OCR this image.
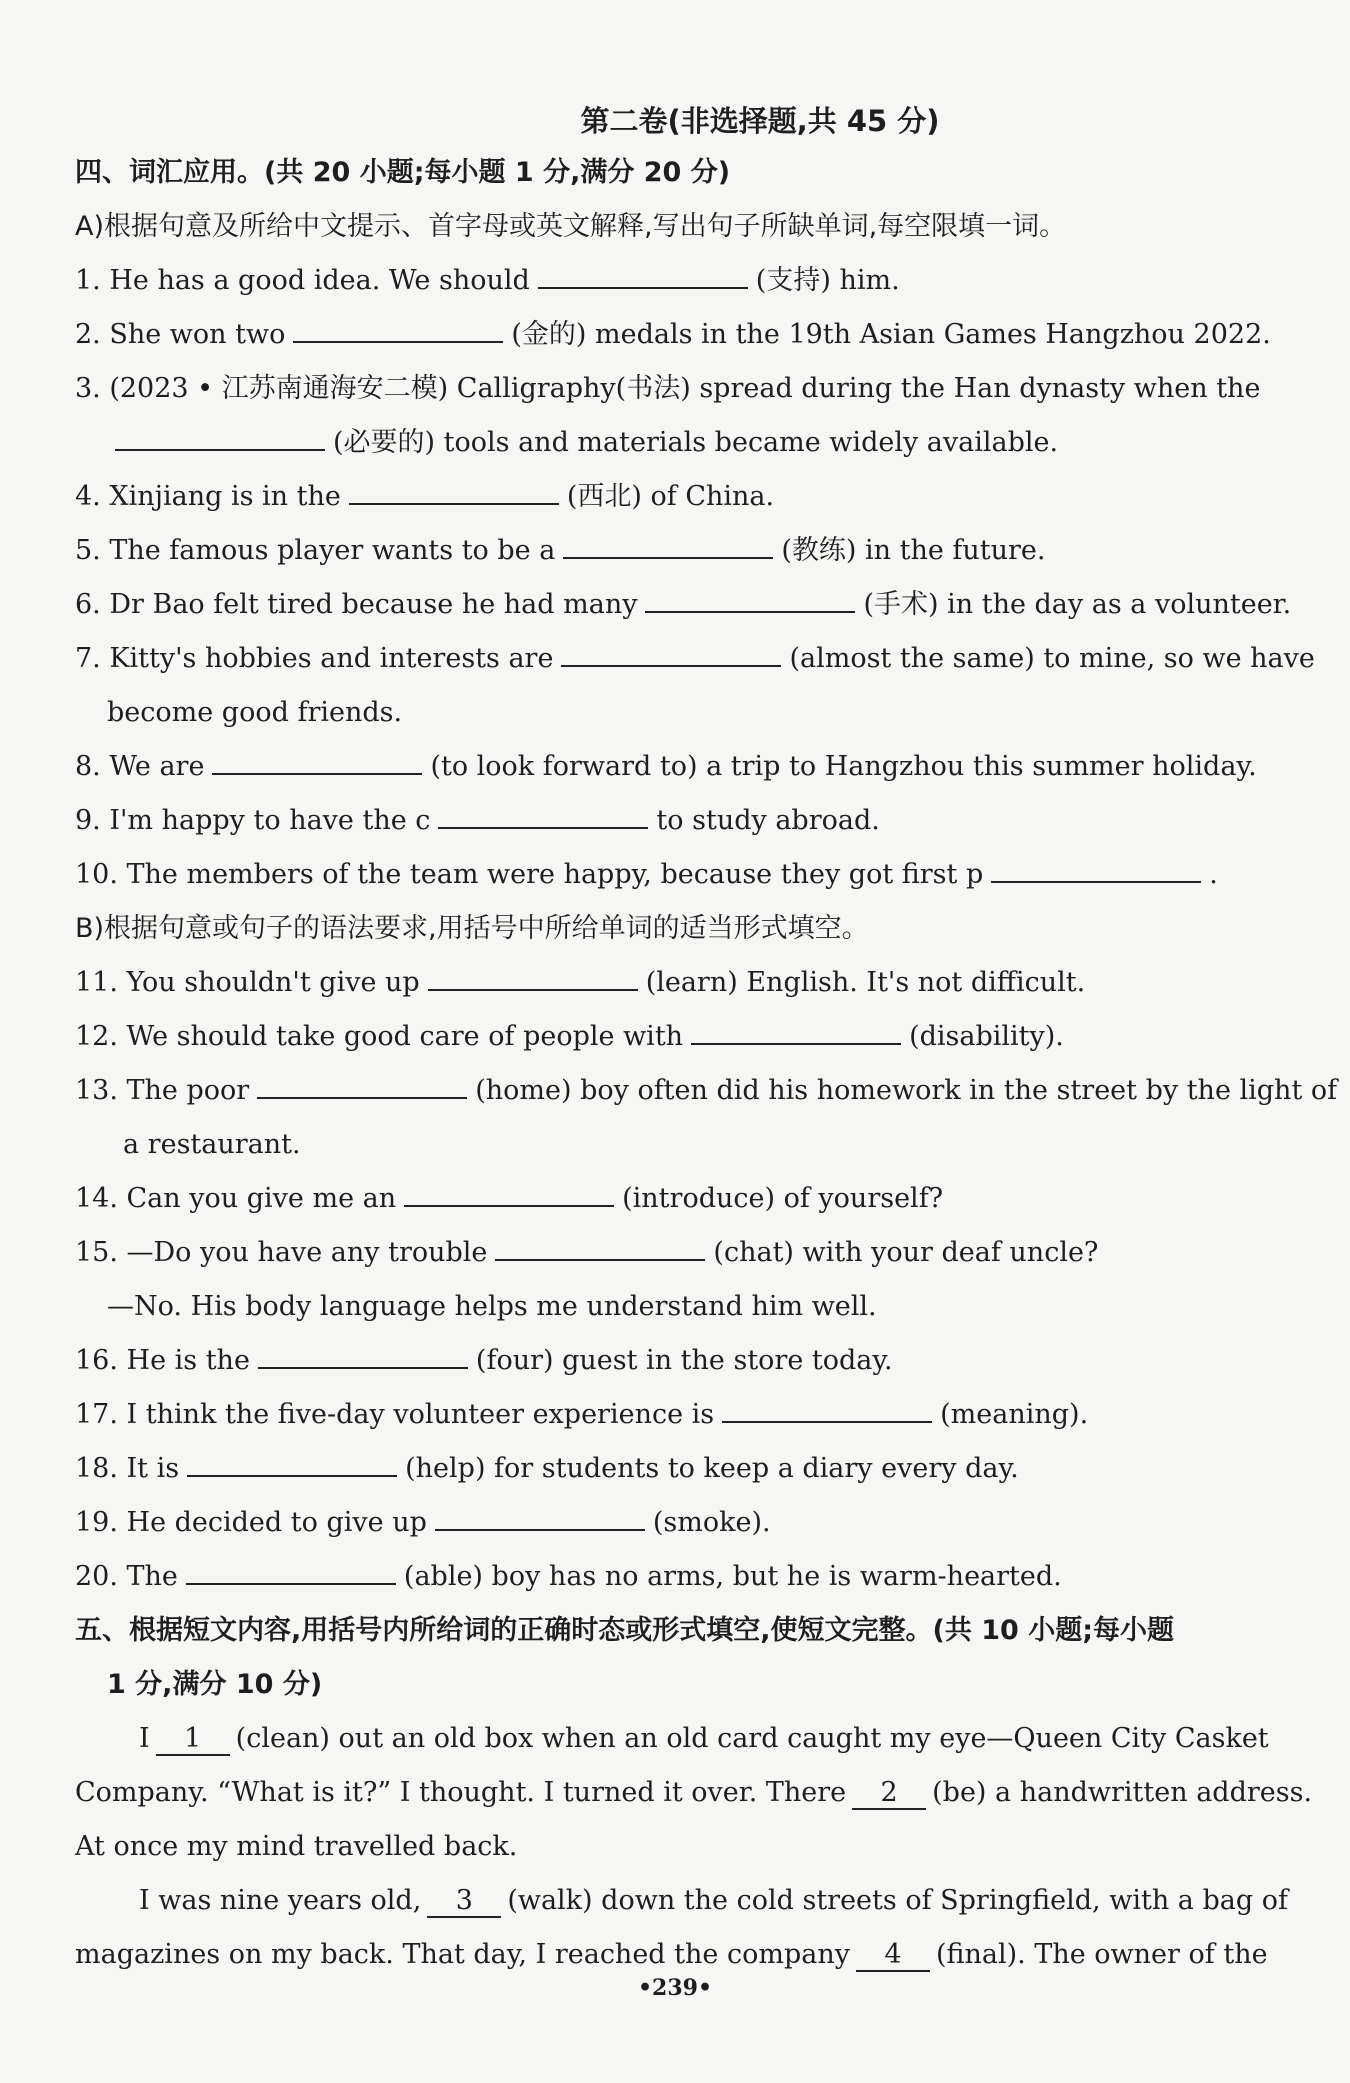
第二卷(非选择题,共 45 分)
四、词汇应用。(共 20 小题;每小题 1 分,满分 20 分)
A)根据句意及所给中文提示、首字母或英文解释,写出句子所缺单词,每空限填一词。
1. He has a good idea. We should	(支持) him.
2. She won two	(金的) medals in the 19th Asian Games Hangzhou 2022.
3. (2023 • 江苏南通海安二模) Calligraphy(书法) spread during the Han dynasty when the
(必要的) tools and materials became widely available.
4. Xinjiang is in the	(西北) of China.
5. The famous player wants to be a	(教练) in the future.
6. Dr Bao felt tired because he had many	(手术) in the day as a volunteer.
7. Kitty's hobbies and interests are	(almost the same) to mine, so we have
become good friends.
8. We are	(to look forward to) a trip to Hangzhou this summer holiday.
9. I'm happy to have the c	to study abroad.
10. The members of the team were happy, because they got first p	.
B)根据句意或句子的语法要求,用括号中所给单词的适当形式填空。
11. You shouldn't give up	(learn) English. It's not difficult.
12. We should take good care of people with	(disability).
13. The poor	(home) boy often did his homework in the street by the light of
a restaurant.
14. Can you give me an	(introduce) of yourself?
15. —Do you have any trouble	(chat) with your deaf uncle?
—No. His body language helps me understand him well.
16. He is the	(four) guest in the store today.
17. I think the five-day volunteer experience is	(meaning).
18. It is	(help) for students to keep a diary every day.
19. He decided to give up	(smoke).
20. The	(able) boy has no arms, but he is warm-hearted.
五、根据短文内容,用括号内所给词的正确时态或形式填空,使短文完整。(共 10 小题;每小题
1 分,满分 10 分)
I 1 (clean) out an old box when an old card caught my eye—Queen City Casket
Company. “What is it?” I thought. I turned it over. There 2 (be) a handwritten address.
At once my mind travelled back.
I was nine years old, 3 (walk) down the cold streets of Springfield, with a bag of
magazines on my back. That day, I reached the company 4 (final). The owner of the
•239•
